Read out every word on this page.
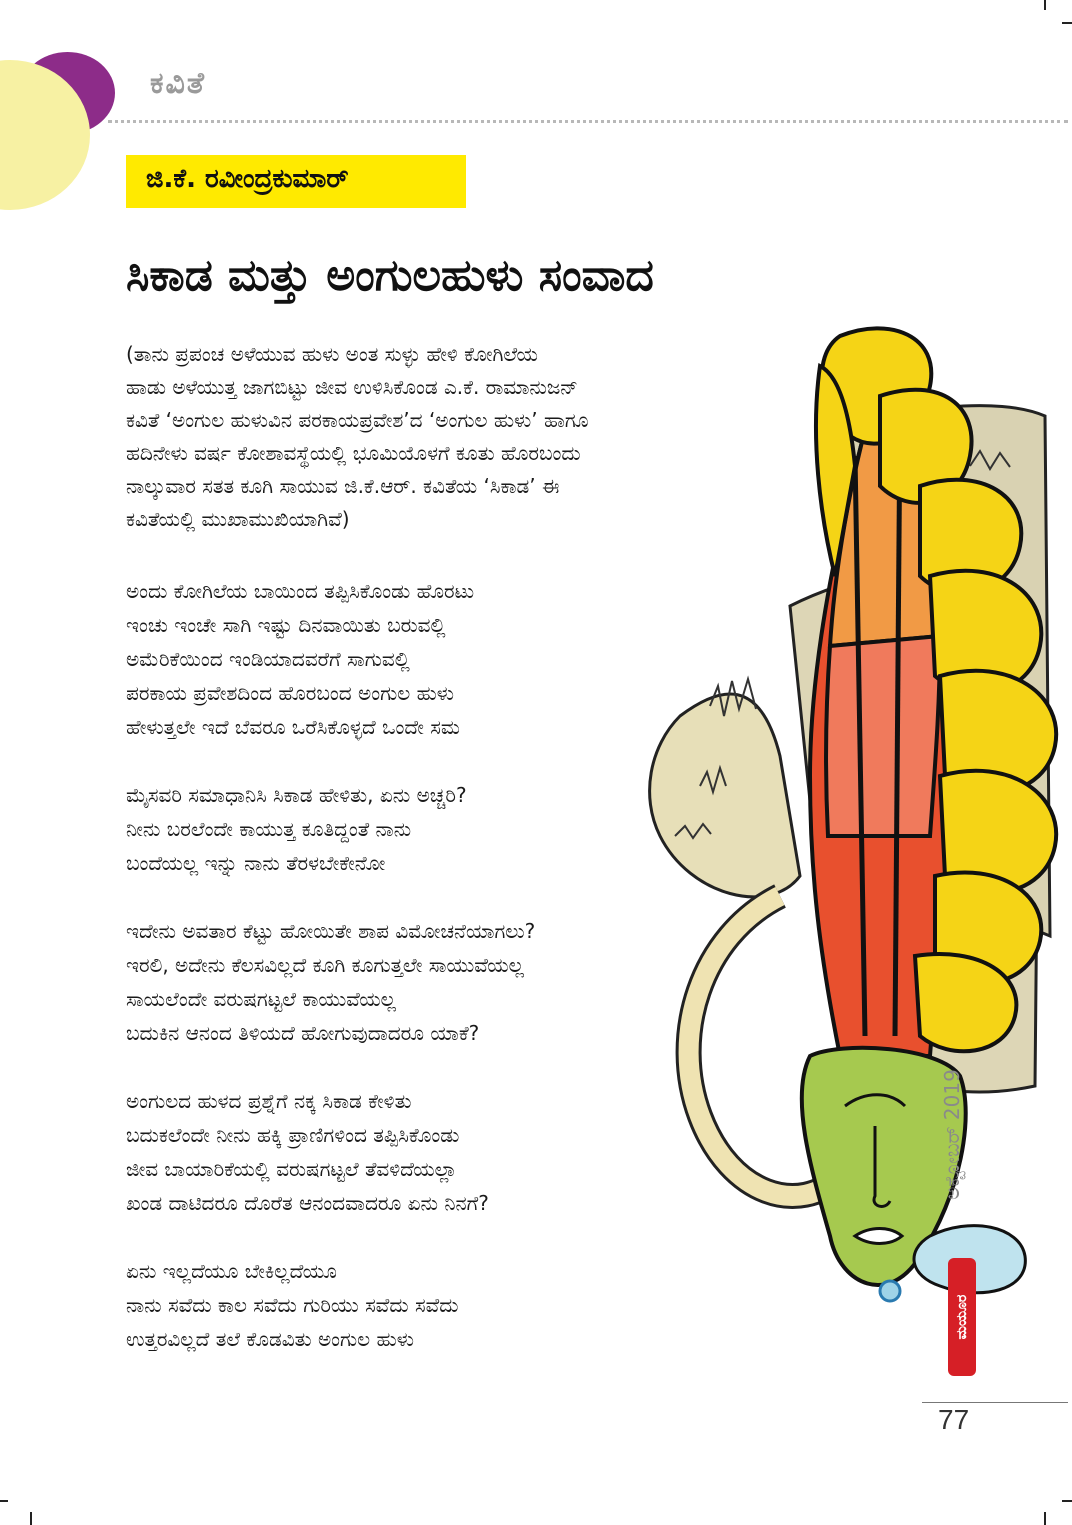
ಕವಿತೆ
ಜಿ.ಕೆ. ರವೀಂದ್ರಕುಮಾರ್
ಸಿಕಾಡ ಮತ್ತು ಅಂಗುಲಹುಳು ಸಂವಾದ

(ತಾನು ಪ್ರಪಂಚ ಅಳೆಯುವ ಹುಳು ಅಂತ ಸುಳ್ಳು ಹೇಳಿ ಕೋಗಿಲೆಯ
ಹಾಡು ಅಳೆಯುತ್ತ ಜಾಗಬಿಟ್ಟು ಜೀವ ಉಳಿಸಿಕೊಂಡ ಎ.ಕೆ. ರಾಮಾನುಜನ್
ಕವಿತೆ ‘ಅಂಗುಲ ಹುಳುವಿನ ಪರಕಾಯಪ್ರವೇಶ’ದ ‘ಅಂಗುಲ ಹುಳು’ ಹಾಗೂ
ಹದಿನೇಳು ವರ್ಷ ಕೋಶಾವಸ್ಥೆಯಲ್ಲಿ ಭೂಮಿಯೊಳಗೆ ಕೂತು ಹೊರಬಂದು
ನಾಲ್ಕುವಾರ ಸತತ ಕೂಗಿ ಸಾಯುವ ಜಿ.ಕೆ.ಆರ್. ಕವಿತೆಯ ‘ಸಿಕಾಡ’ ಈ
ಕವಿತೆಯಲ್ಲಿ ಮುಖಾಮುಖಿಯಾಗಿವೆ)

ಅಂದು ಕೋಗಿಲೆಯ ಬಾಯಿಂದ ತಪ್ಪಿಸಿಕೊಂಡು ಹೊರಟು
ಇಂಚು ಇಂಚೇ ಸಾಗಿ ಇಷ್ಟು ದಿನವಾಯಿತು ಬರುವಲ್ಲಿ
ಅಮೆರಿಕೆಯಿಂದ ಇಂಡಿಯಾದವರೆಗೆ ಸಾಗುವಲ್ಲಿ
ಪರಕಾಯ ಪ್ರವೇಶದಿಂದ ಹೊರಬಂದ ಅಂಗುಲ ಹುಳು
ಹೇಳುತ್ತಲೇ ಇದೆ ಬೆವರೂ ಒರೆಸಿಕೊಳ್ಳದೆ ಒಂದೇ ಸಮ

ಮೈಸವರಿ ಸಮಾಧಾನಿಸಿ ಸಿಕಾಡ ಹೇಳಿತು, ಏನು ಅಚ್ಚರಿ?
ನೀನು ಬರಲೆಂದೇ ಕಾಯುತ್ತ ಕೂತಿದ್ದಂತೆ ನಾನು
ಬಂದೆಯಲ್ಲ ಇನ್ನು ನಾನು ತೆರಳಬೇಕೇನೋ

ಇದೇನು ಅವತಾರ ಕೆಟ್ಟು ಹೋಯಿತೇ ಶಾಪ ವಿಮೋಚನೆಯಾಗಲು?
ಇರಲಿ, ಅದೇನು ಕೆಲಸವಿಲ್ಲದೆ ಕೂಗಿ ಕೂಗುತ್ತಲೇ ಸಾಯುವೆಯಲ್ಲ
ಸಾಯಲೆಂದೇ ವರುಷಗಟ್ಟಲೆ ಕಾಯುವೆಯಲ್ಲ
ಬದುಕಿನ ಆನಂದ ತಿಳಿಯದೆ ಹೋಗುವುದಾದರೂ ಯಾಕೆ?

ಅಂಗುಲದ ಹುಳದ ಪ್ರಶ್ನೆಗೆ ನಕ್ಕ ಸಿಕಾಡ ಕೇಳಿತು
ಬದುಕಲೆಂದೇ ನೀನು ಹಕ್ಕಿ ಪ್ರಾಣಿಗಳಿಂದ ತಪ್ಪಿಸಿಕೊಂಡು
ಜೀವ ಬಾಯಾರಿಕೆಯಲ್ಲಿ ವರುಷಗಟ್ಟಲೆ ತೆವಳಿದೆಯಲ್ಲಾ
ಖಂಡ ದಾಟಿದರೂ ದೊರೆತ ಆನಂದವಾದರೂ ಏನು ನಿನಗೆ?

ಏನು ಇಲ್ಲದೆಯೂ ಬೇಕಿಲ್ಲದೆಯೂ
ನಾನು ಸವೆದು ಕಾಲ ಸವೆದು ಗುರಿಯು ಸವೆದು ಸವೆದು
ಉತ್ತರವಿಲ್ಲದೆ ತಲೆ ಕೊಡವಿತು ಅಂಗುಲ ಹುಳು

ಅಕ್ಟೋಬರ್ 2019
ಮಯೂರ
77
